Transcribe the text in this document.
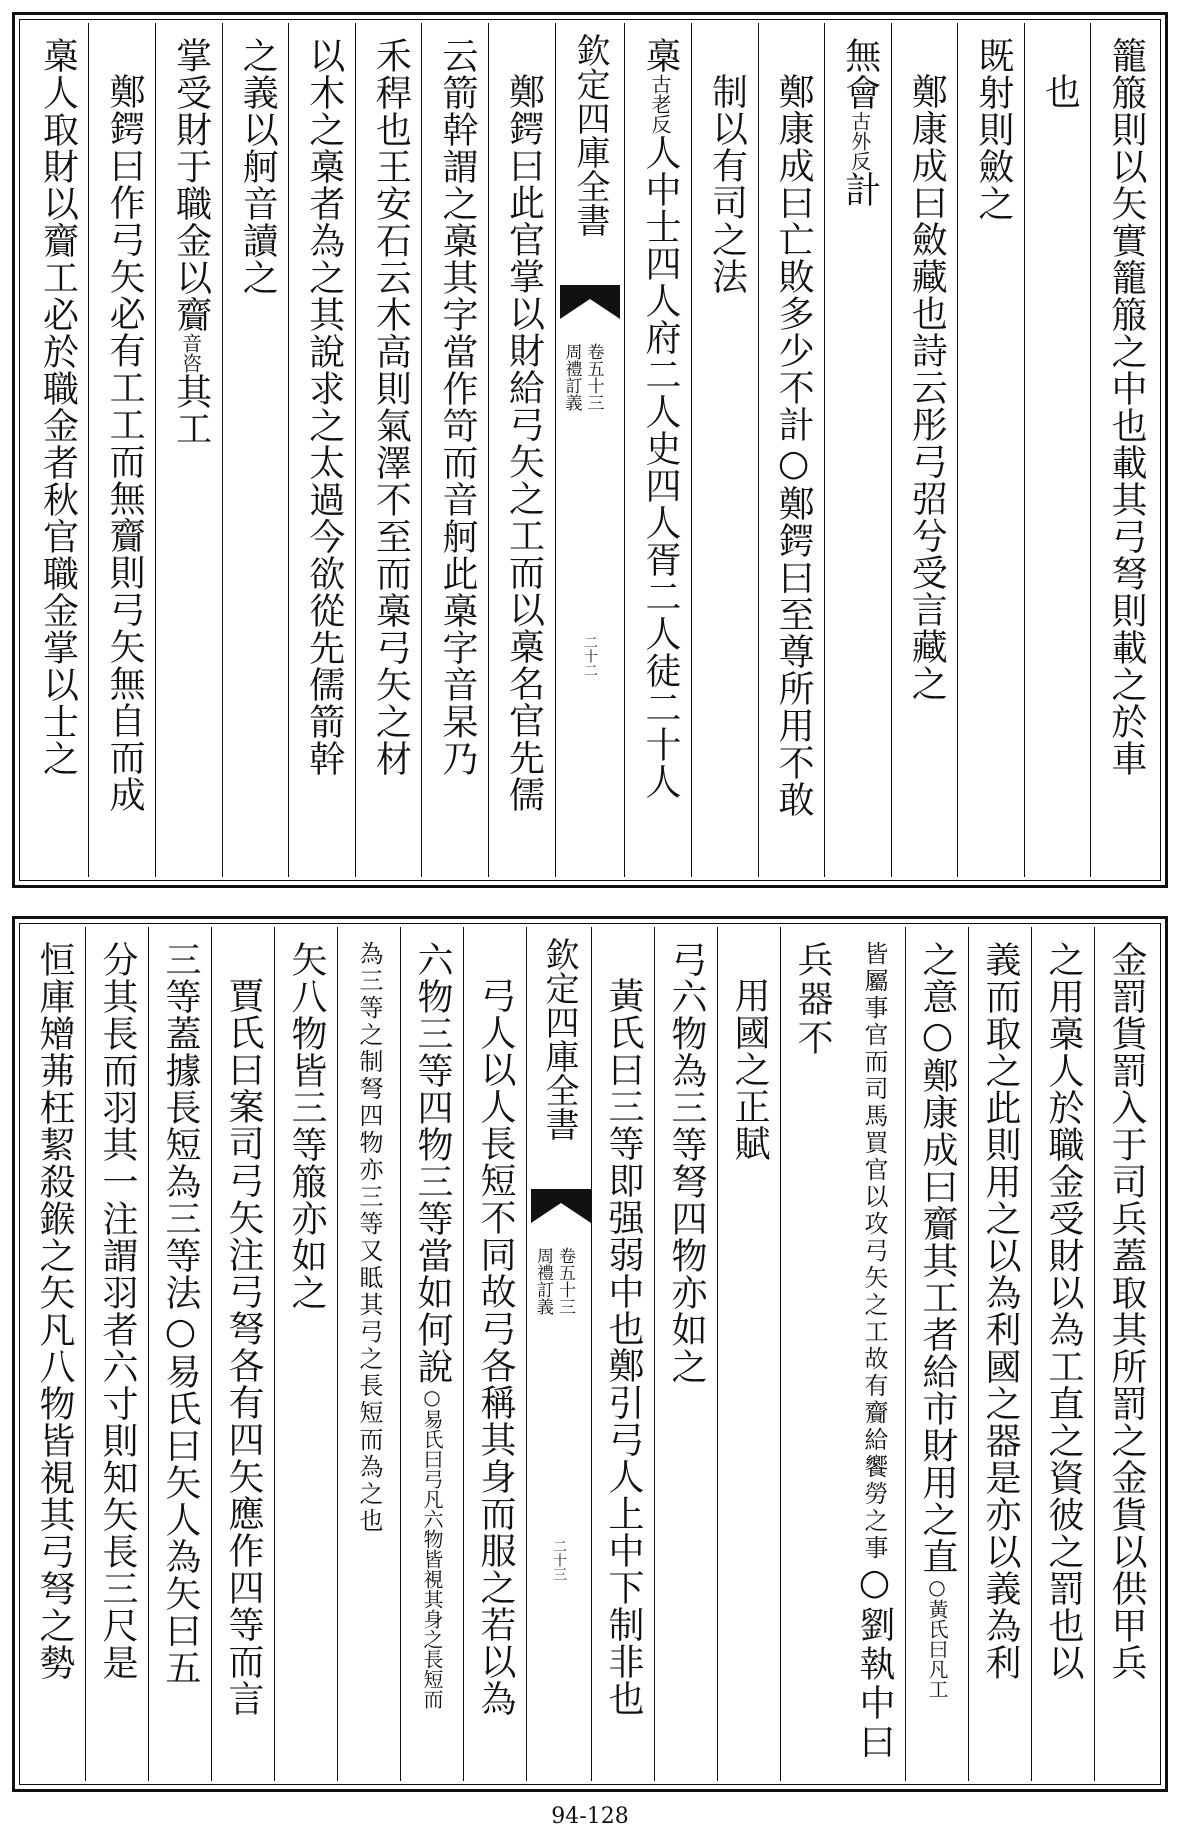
籠箙則以矢實籠箙之中也載其弓弩則載之於車
也
既射則斂之
鄭康成曰斂藏也詩云彤弓弨兮受言藏之
無會古外反計
鄭康成曰亡敗多少不計○鄭鍔曰至尊所用不敢
制以有司之法
槀古老反人中士四人府二人史四人胥二人徒二十人
欽定四庫全書
周禮訂義 卷五十三
二十二
鄭鍔曰此官掌以財給弓矢之工而以槀名官先儒
云箭幹謂之槀其字當作笴而音舸此槀字音杲乃
禾稈也王安石云木高則氣澤不至而槀弓矢之材
以木之槀者為之其說求之太過今欲從先儒箭幹
之義以舸音讀之
掌受財于職金以齎音咨其工
鄭鍔曰作弓矢必有工工而無齎則弓矢無自而成
槀人取財以齎工必於職金者秋官職金掌以士之
金罰貨罰入于司兵蓋取其所罰之金貨以供甲兵
之用槀人於職金受財以為工直之資彼之罰也以
義而取之此則用之以為利國之器是亦以義為利
之意○鄭康成曰齎其工者給市財用之直○黃氏曰凡工
皆屬事官而司馬買官以攻弓矢之工故有齎給饗勞之事○劉執中曰兵器不
用國之正賦
弓六物為三等弩四物亦如之
黃氏曰三等即强弱中也鄭引弓人上中下制非也
欽定四庫全書
周禮訂義 卷五十三
二十三
弓人以人長短不同故弓各稱其身而服之若以為
六物三等四物三等當如何說○易氏曰弓凡六物皆視其身之長短而
為三等之制弩四物亦三等又眡其弓之長短而為之也
矢八物皆三等箙亦如之
賈氏曰案司弓矢注弓弩各有四矢應作四等而言
三等蓋據長短為三等法○易氏曰矢人為矢曰五
分其長而羽其一注謂羽者六寸則知矢長三尺是
恒庫矰茀枉絜殺鍭之矢凡八物皆視其弓弩之勢
94-128
